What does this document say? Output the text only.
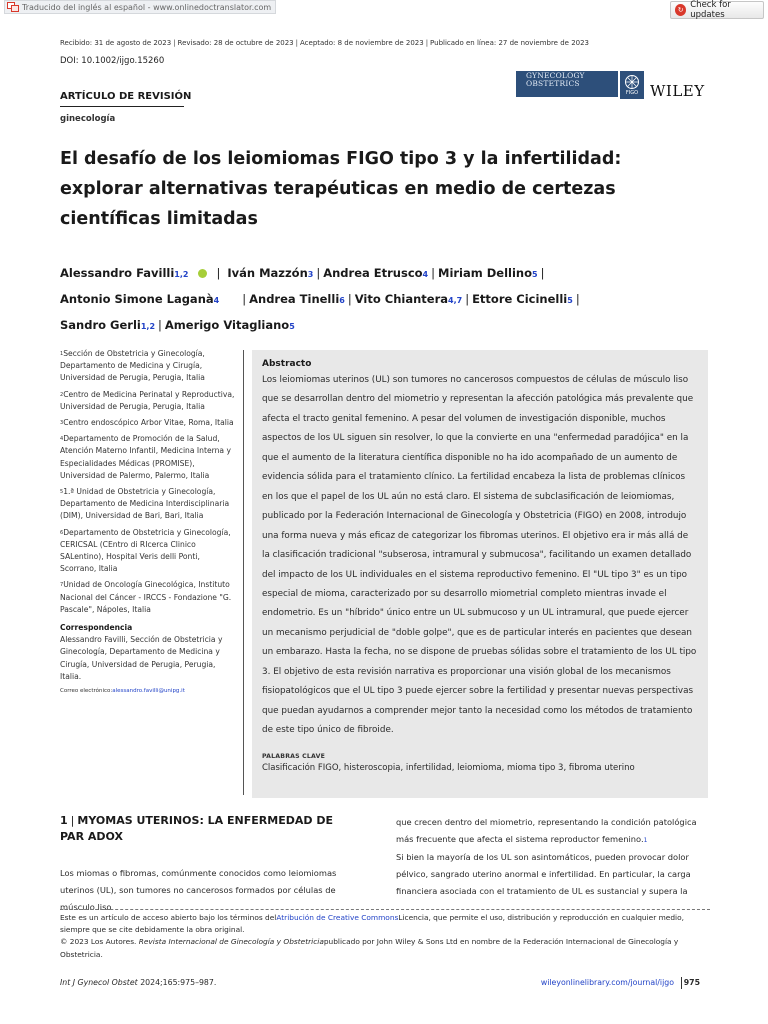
Traducido del inglés al español - www.onlinedoctranslator.com	↻ Check for updates
Recibido: 31 de agosto de 2023 | Revisado: 28 de octubre de 2023 | Aceptado: 8 de noviembre de 2023 | Publicado en línea: 27 de noviembre de 2023
DOI: 10.1002/ijgo.15260
ARTÍCULO DE REVISIÓN
ginecología
GYNECOLOGY
OBSTETRICS
FIGO WILEY
El desafío de los leiomiomas FIGO tipo 3 y la infertilidad: explorar alternativas terapéuticas en medio de certezas científicas limitadas
Alessandro Favilli1,2 | Iván Mazzón3 | Andrea Etrusco4 | Miriam Dellino5 |
Antonio Simone Laganà4 | Andrea Tinelli6 | Vito Chiantera4,7 | Ettore Cicinelli5 |
Sandro Gerli1,2 | Amerigo Vitagliano5
$^1$Sección de Obstetricia y Ginecología, Departamento de Medicina y Cirugía, Universidad de Perugia, Perugia, Italia
$^2$Centro de Medicina Perinatal y Reproductiva, Universidad de Perugia, Perugia, Italia
$^3$Centro endoscópico Arbor Vitae, Roma, Italia
$^4$Departamento de Promoción de la Salud, Atención Materno Infantil, Medicina Interna y Especialidades Médicas (PROMISE), Universidad de Palermo, Palermo, Italia
$^5$1.ª Unidad de Obstetricia y Ginecología, Departamento de Medicina Interdisciplinaria (DIM), Universidad de Bari, Bari, Italia
$^6$Departamento de Obstetricia y Ginecología, CERICSAL (CEntro di RIcerca Clinico SALentino), Hospital Veris delli Ponti, Scorrano, Italia
$^7$Unidad de Oncología Ginecológica, Instituto Nacional del Cáncer - IRCCS - Fondazione "G. Pascale", Nápoles, Italia
Correspondencia
Alessandro Favilli, Sección de Obstetricia y Ginecología, Departamento de Medicina y Cirugía, Universidad de Perugia, Perugia, Italia.
Correo electrónico:alessandro.favilli@unipg.it
Abstracto

Los leiomiomas uterinos (UL) son tumores no cancerosos compuestos de células de músculo liso que se desarrollan dentro del miometrio y representan la afección patológica más prevalente que afecta el tracto genital femenino. A pesar del volumen de investigación disponible, muchos aspectos de los UL siguen sin resolver, lo que la convierte en una "enfermedad paradójica" en la que el aumento de la literatura científica disponible no ha ido acompañado de un aumento de evidencia sólida para el tratamiento clínico. La fertilidad encabeza la lista de problemas clínicos en los que el papel de los UL aún no está claro. El sistema de subclasificación de leiomiomas, publicado por la Federación Internacional de Ginecología y Obstetricia (FIGO) en 2008, introdujo una forma nueva y más eficaz de categorizar los fibromas uterinos. El objetivo era ir más allá de la clasificación tradicional "subserosa, intramural y submucosa", facilitando un examen detallado del impacto de los UL individuales en el sistema reproductivo femenino. El "UL tipo 3" es un tipo especial de mioma, caracterizado por su desarrollo miometrial completo mientras invade el endometrio. Es un "híbrido" único entre un UL submucoso y un UL intramural, que puede ejercer un mecanismo perjudicial de "doble golpe", que es de particular interés en pacientes que desean un embarazo. Hasta la fecha, no se dispone de pruebas sólidas sobre el tratamiento de los UL tipo 3. El objetivo de esta revisión narrativa es proporcionar una visión global de los mecanismos fisiopatológicos que el UL tipo 3 puede ejercer sobre la fertilidad y presentar nuevas perspectivas que puedan ayudarnos a comprender mejor tanto la necesidad como los métodos de tratamiento de este tipo único de fibroide.

PALABRAS CLAVE
Clasificación FIGO, histeroscopia, infertilidad, leiomioma, mioma tipo 3, fibroma uterino
1 | MYOMAS UTERINOS: LA ENFERMEDAD DE PAR ADOX

Los miomas o fibromas, comúnmente conocidos como leiomiomas uterinos (UL), son tumores no cancerosos formados por células de músculo liso.

que crecen dentro del miometrio, representando la condición patológica más frecuente que afecta el sistema reproductor femenino.1
Si bien la mayoría de los UL son asintomáticos, pueden provocar dolor pélvico, sangrado uterino anormal e infertilidad. En particular, la carga financiera asociada con el tratamiento de UL es sustancial y supera la
Este es un artículo de acceso abierto bajo los términos delAtribución de Creative CommonsLicencia, que permite el uso, distribución y reproducción en cualquier medio, siempre que se cite debidamente la obra original.
© 2023 Los Autores. Revista Internacional de Ginecología y Obstetriciapublicado por John Wiley & Sons Ltd en nombre de la Federación Internacional de Ginecología y Obstetricia.
Int J Gynecol Obstet 2024;165:975–987.	wileyonlinelibrary.com/journal/ijgo 975
